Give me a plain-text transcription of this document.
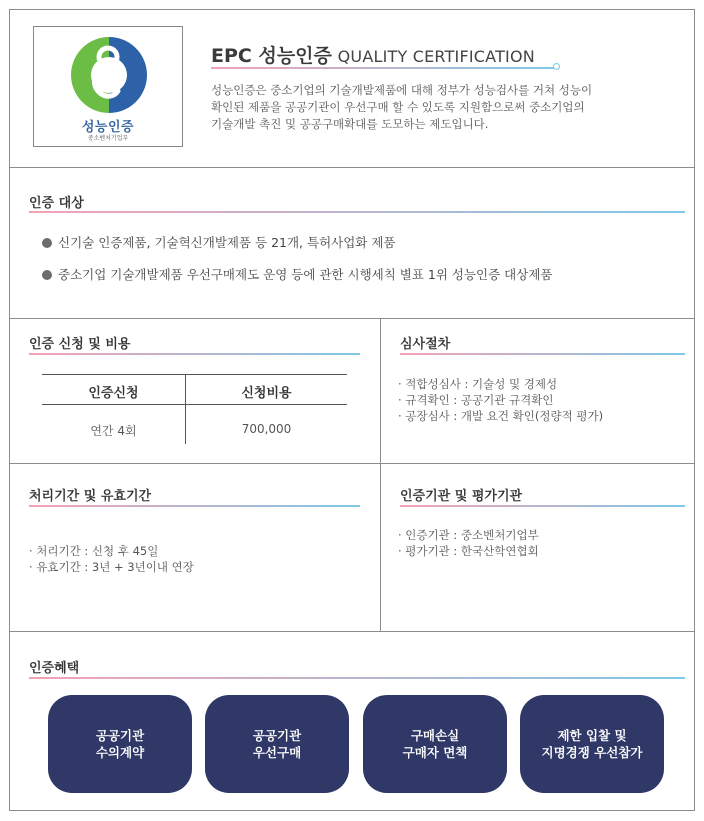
성능인증
중소벤처기업부
EPC 성능인증 QUALITY CERTIFICATION

성능인증은 중소기업의 기술개발제품에 대해 정부가 성능검사를 거쳐 성능이
확인된 제품을 공공기관이 우선구매 할 수 있도록 지원함으로써 중소기업의
기술개발 촉진 및 공공구매확대를 도모하는 제도입니다.

인증 대상
신기술 인증제품, 기술혁신개발제품 등 21개, 특허사업화 제품
중소기업 기술개발제품 우선구매제도 운영 등에 관한 시행세칙 별표 1위 성능인증 대상제품
인증 신청 및 비용
인증신청	신청비용
연간 4회	700,000
심사절차
· 적합성심사 : 기술성 및 경제성
· 규격확인 : 공공기관 규격확인
· 공장심사 : 개발 요건 확인(정량적 평가)
처리기간 및 유효기간
· 처리기간 : 신청 후 45일
· 유효기간 : 3년 + 3년이내 연장
인증기관 및 평가기관
· 인증기관 : 중소벤처기업부
· 평가기관 : 한국산학연협회
인증혜택
공공기관
수의계약
공공기관
우선구매
구매손실
구매자 면책
제한 입찰 및
지명경쟁 우선참가
